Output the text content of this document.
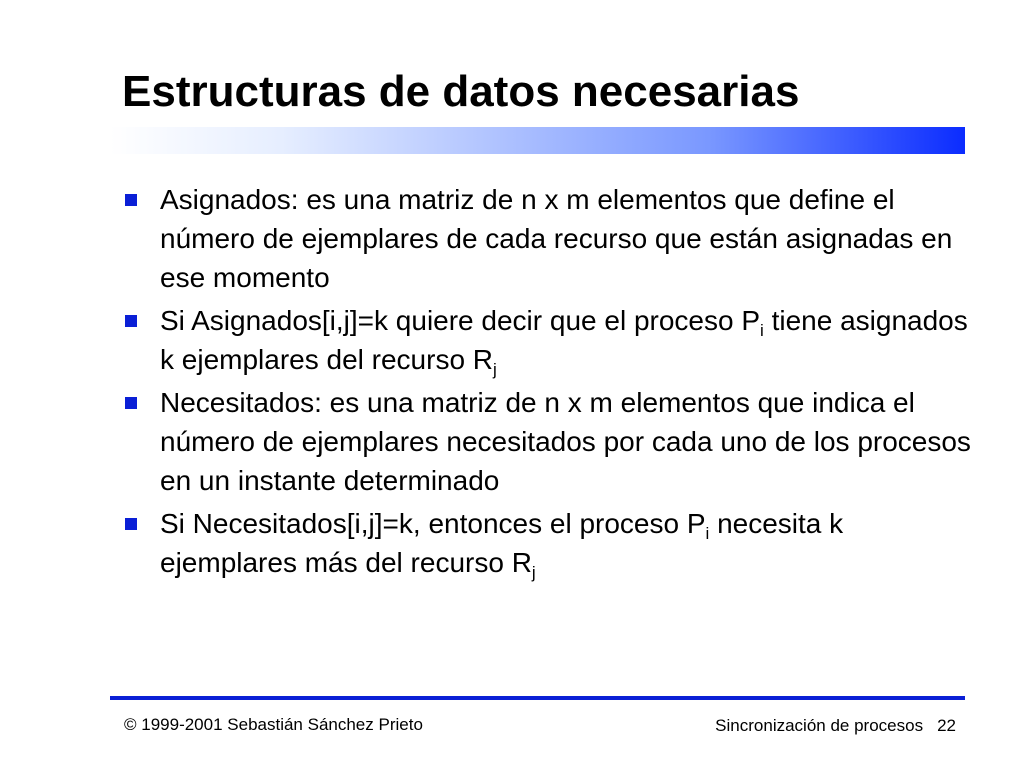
Estructuras de datos necesarias
Asignados: es una matriz de n x m elementos que define el número de ejemplares de cada recurso que están asignadas en ese momento
Si Asignados[i,j]=k quiere decir que el proceso $P_i$ tiene asignados k ejemplares del recurso $R_j$
Necesitados: es una matriz de n x m elementos que indica el número de ejemplares necesitados por cada uno de los procesos en un instante determinado
Si Necesitados[i,j]=k, entonces el proceso $P_i$ necesita k ejemplares más del recurso $R_j$
© 1999-2001 Sebastián Sánchez Prieto	Sincronización de procesos 22
